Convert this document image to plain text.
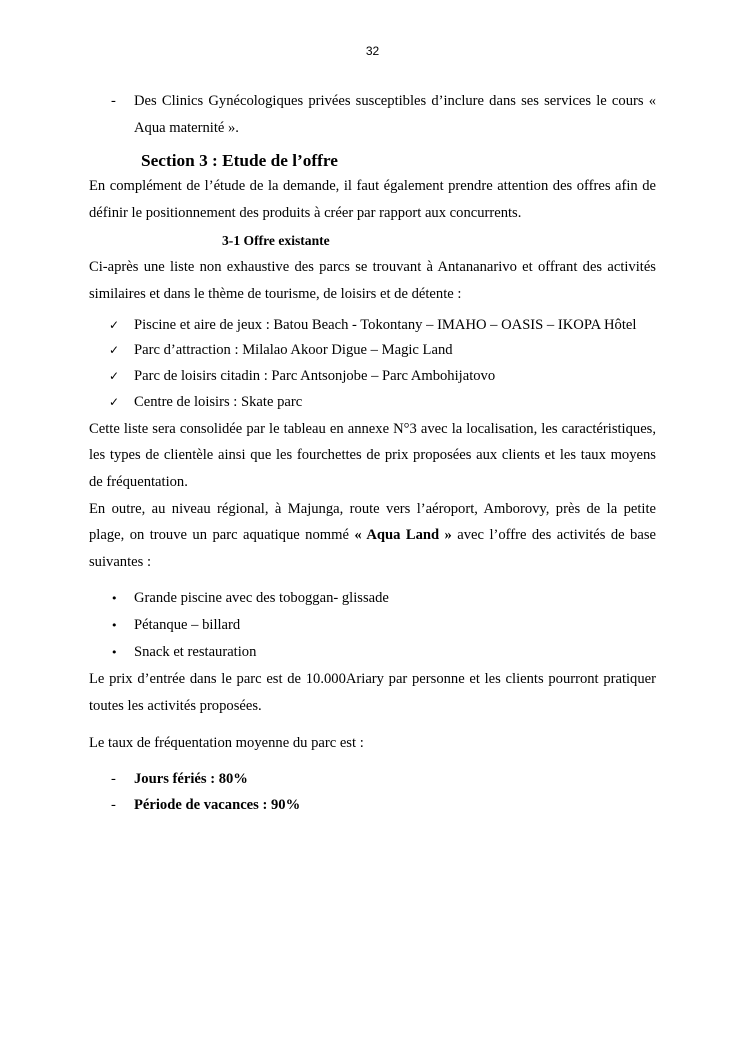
32
-	Des Clinics Gynécologiques privées susceptibles d’inclure dans ses services le cours « Aqua maternité ».
Section 3 : Etude de l’offre

En complément de l’étude de la demande, il faut également prendre attention des offres afin de définir le positionnement des produits à créer par rapport aux concurrents.

3-1 Offre existante

Ci-après une liste non exhaustive des parcs se trouvant à Antananarivo et offrant des activités similaires et dans le thème de tourisme, de loisirs et de détente :

✓	Piscine et aire de jeux : Batou Beach - Tokontany – IMAHO – OASIS – IKOPA Hôtel
✓	Parc d’attraction : Milalao Akoor Digue – Magic Land
✓	Parc de loisirs citadin : Parc Antsonjobe – Parc Ambohijatovo
✓	Centre de loisirs : Skate parc

Cette liste sera consolidée par le tableau en annexe N°3 avec la localisation, les caractéristiques, les types de clientèle ainsi que les fourchettes de prix proposées aux clients et les taux moyens de fréquentation.

En outre, au niveau régional, à Majunga, route vers l’aéroport, Amborovy, près de la petite plage, on trouve un parc aquatique nommé « Aqua Land » avec l’offre des activités de base suivantes :

•	Grande piscine avec des toboggan- glissade
•	Pétanque – billard
•	Snack et restauration

Le prix d’entrée dans le parc est de 10.000Ariary par personne et les clients pourront pratiquer toutes les activités proposées.

Le taux de fréquentation moyenne du parc est :

-	Jours fériés : 80%
-	Période de vacances : 90%
